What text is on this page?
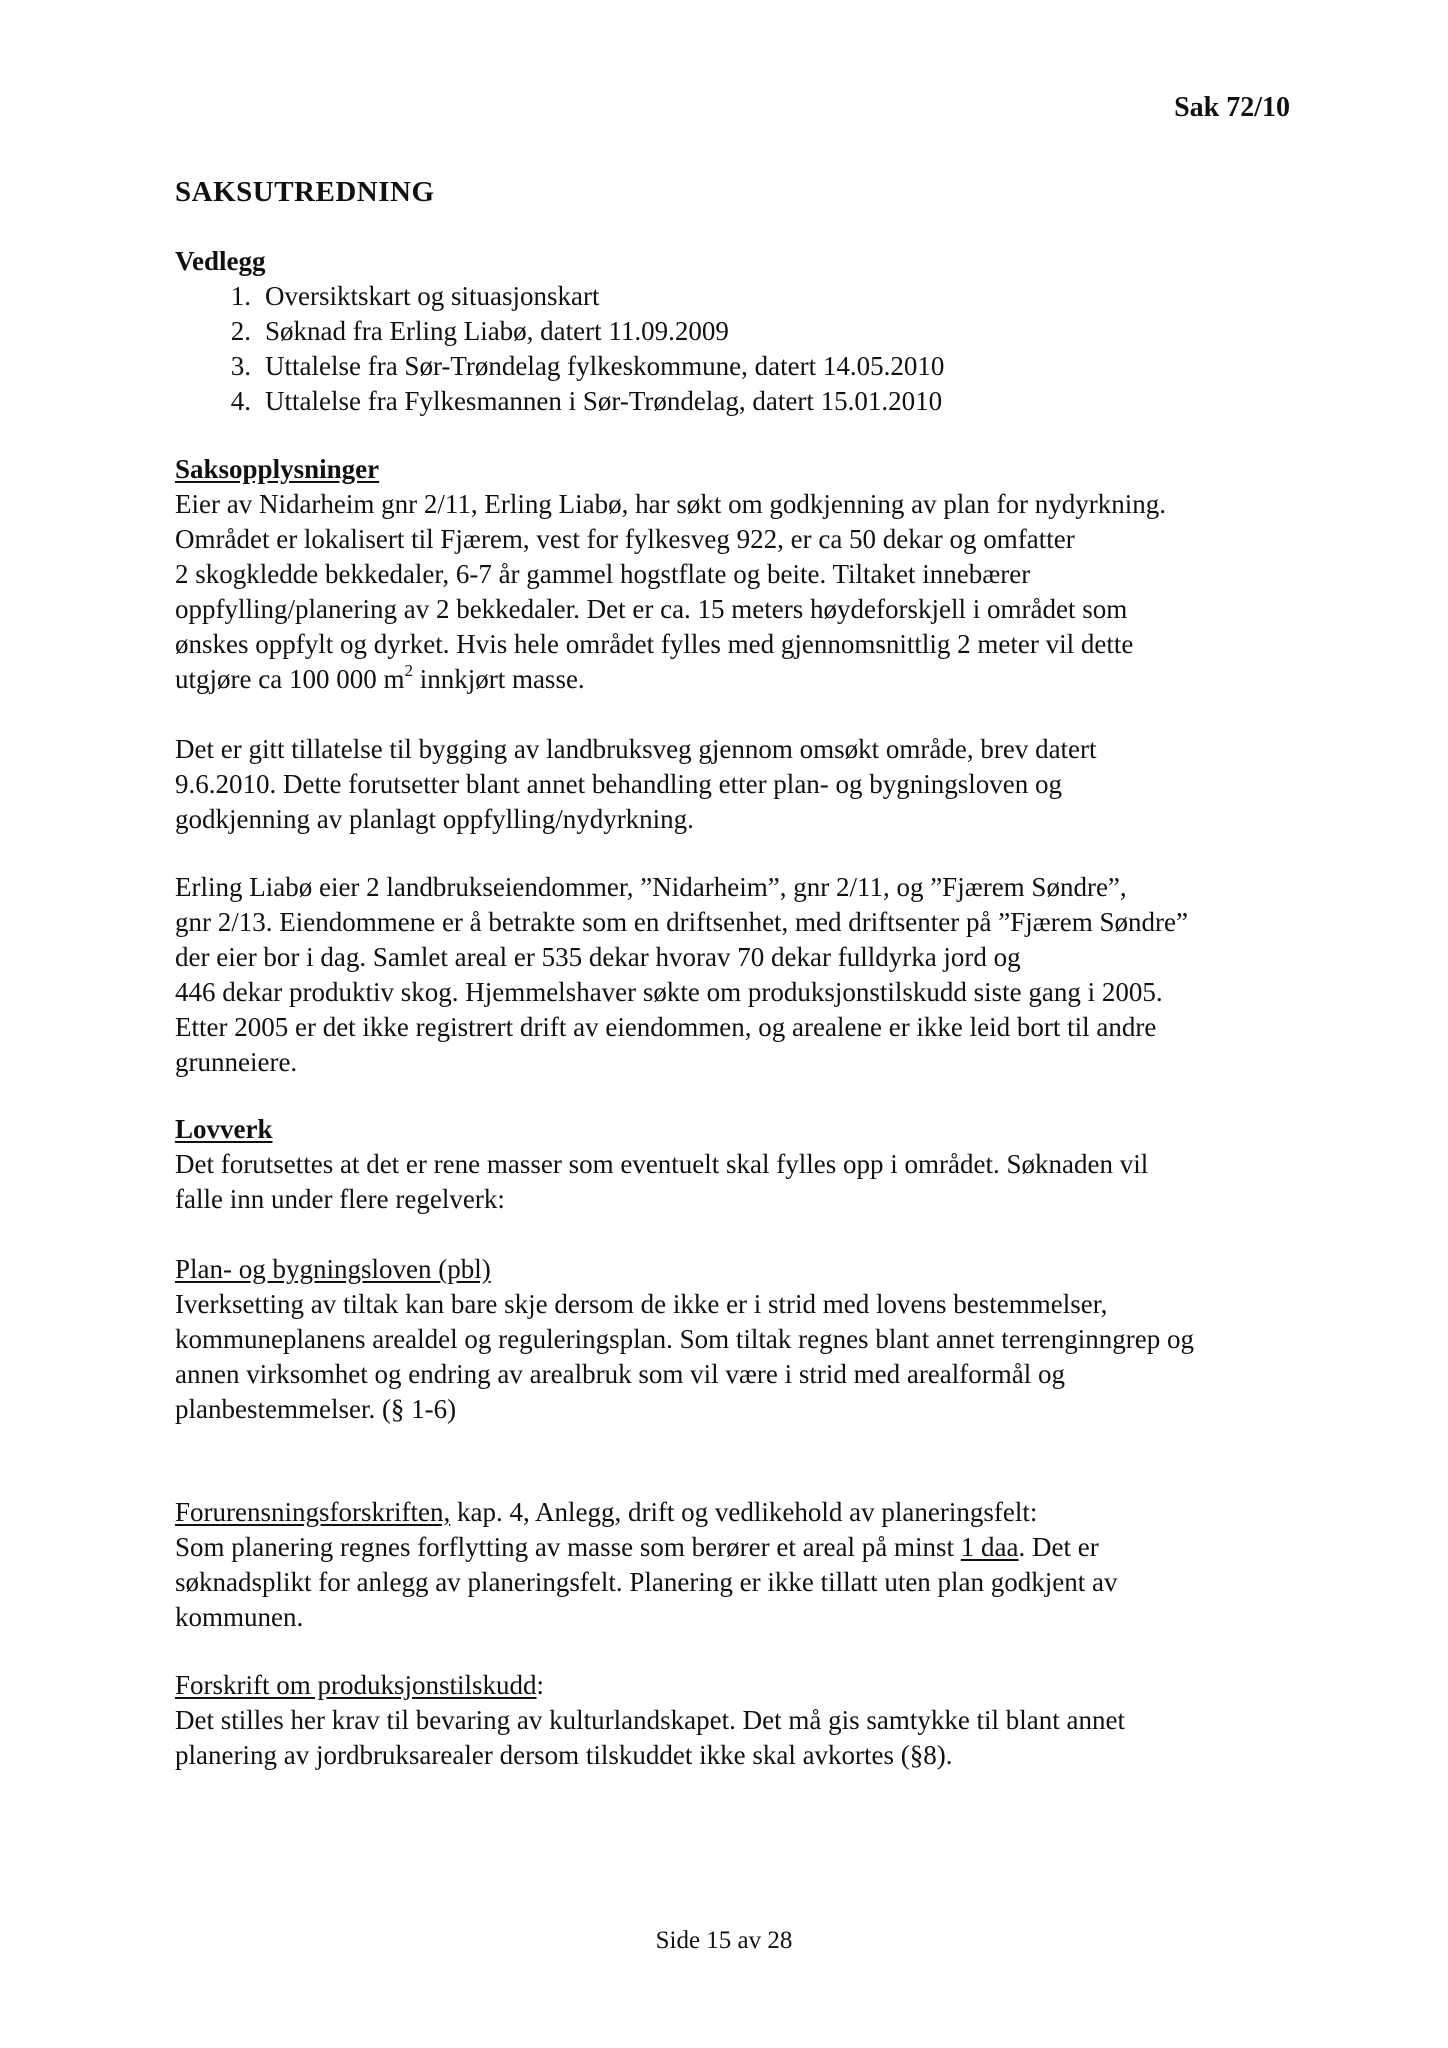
Sak 72/10
SAKSUTREDNING
Vedlegg
1. Oversiktskart og situasjonskart
2. Søknad fra Erling Liabø, datert 11.09.2009
3. Uttalelse fra Sør-Trøndelag fylkeskommune, datert 14.05.2010
4. Uttalelse fra Fylkesmannen i Sør-Trøndelag, datert 15.01.2010
Saksopplysninger
Eier av Nidarheim gnr 2/11, Erling Liabø, har søkt om godkjenning av plan for nydyrkning.
Området er lokalisert til Fjærem, vest for fylkesveg 922, er ca 50 dekar og omfatter
2 skogkledde bekkedaler, 6-7 år gammel hogstflate og beite. Tiltaket innebærer
oppfylling/planering av 2 bekkedaler. Det er ca. 15 meters høydeforskjell i området som
ønskes oppfylt og dyrket. Hvis hele området fylles med gjennomsnittlig 2 meter vil dette
utgjøre ca 100 000 $m^2$ innkjørt masse.
Det er gitt tillatelse til bygging av landbruksveg gjennom omsøkt område, brev datert
9.6.2010. Dette forutsetter blant annet behandling etter plan- og bygningsloven og
godkjenning av planlagt oppfylling/nydyrkning.
Erling Liabø eier 2 landbrukseiendommer, ”Nidarheim”, gnr 2/11, og ”Fjærem Søndre”,
gnr 2/13. Eiendommene er å betrakte som en driftsenhet, med driftsenter på ”Fjærem Søndre”
der eier bor i dag. Samlet areal er 535 dekar hvorav 70 dekar fulldyrka jord og
446 dekar produktiv skog. Hjemmelshaver søkte om produksjonstilskudd siste gang i 2005.
Etter 2005 er det ikke registrert drift av eiendommen, og arealene er ikke leid bort til andre
grunneiere.
Lovverk
Det forutsettes at det er rene masser som eventuelt skal fylles opp i området. Søknaden vil
falle inn under flere regelverk:
Plan- og bygningsloven (pbl)
Iverksetting av tiltak kan bare skje dersom de ikke er i strid med lovens bestemmelser,
kommuneplanens arealdel og reguleringsplan. Som tiltak regnes blant annet terrenginngrep og
annen virksomhet og endring av arealbruk som vil være i strid med arealformål og
planbestemmelser. (§ 1-6)
Forurensningsforskriften, kap. 4, Anlegg, drift og vedlikehold av planeringsfelt:
Som planering regnes forflytting av masse som berører et areal på minst 1 daa. Det er
søknadsplikt for anlegg av planeringsfelt. Planering er ikke tillatt uten plan godkjent av
kommunen.
Forskrift om produksjonstilskudd:
Det stilles her krav til bevaring av kulturlandskapet. Det må gis samtykke til blant annet
planering av jordbruksarealer dersom tilskuddet ikke skal avkortes (§8).
Side 15 av 28
